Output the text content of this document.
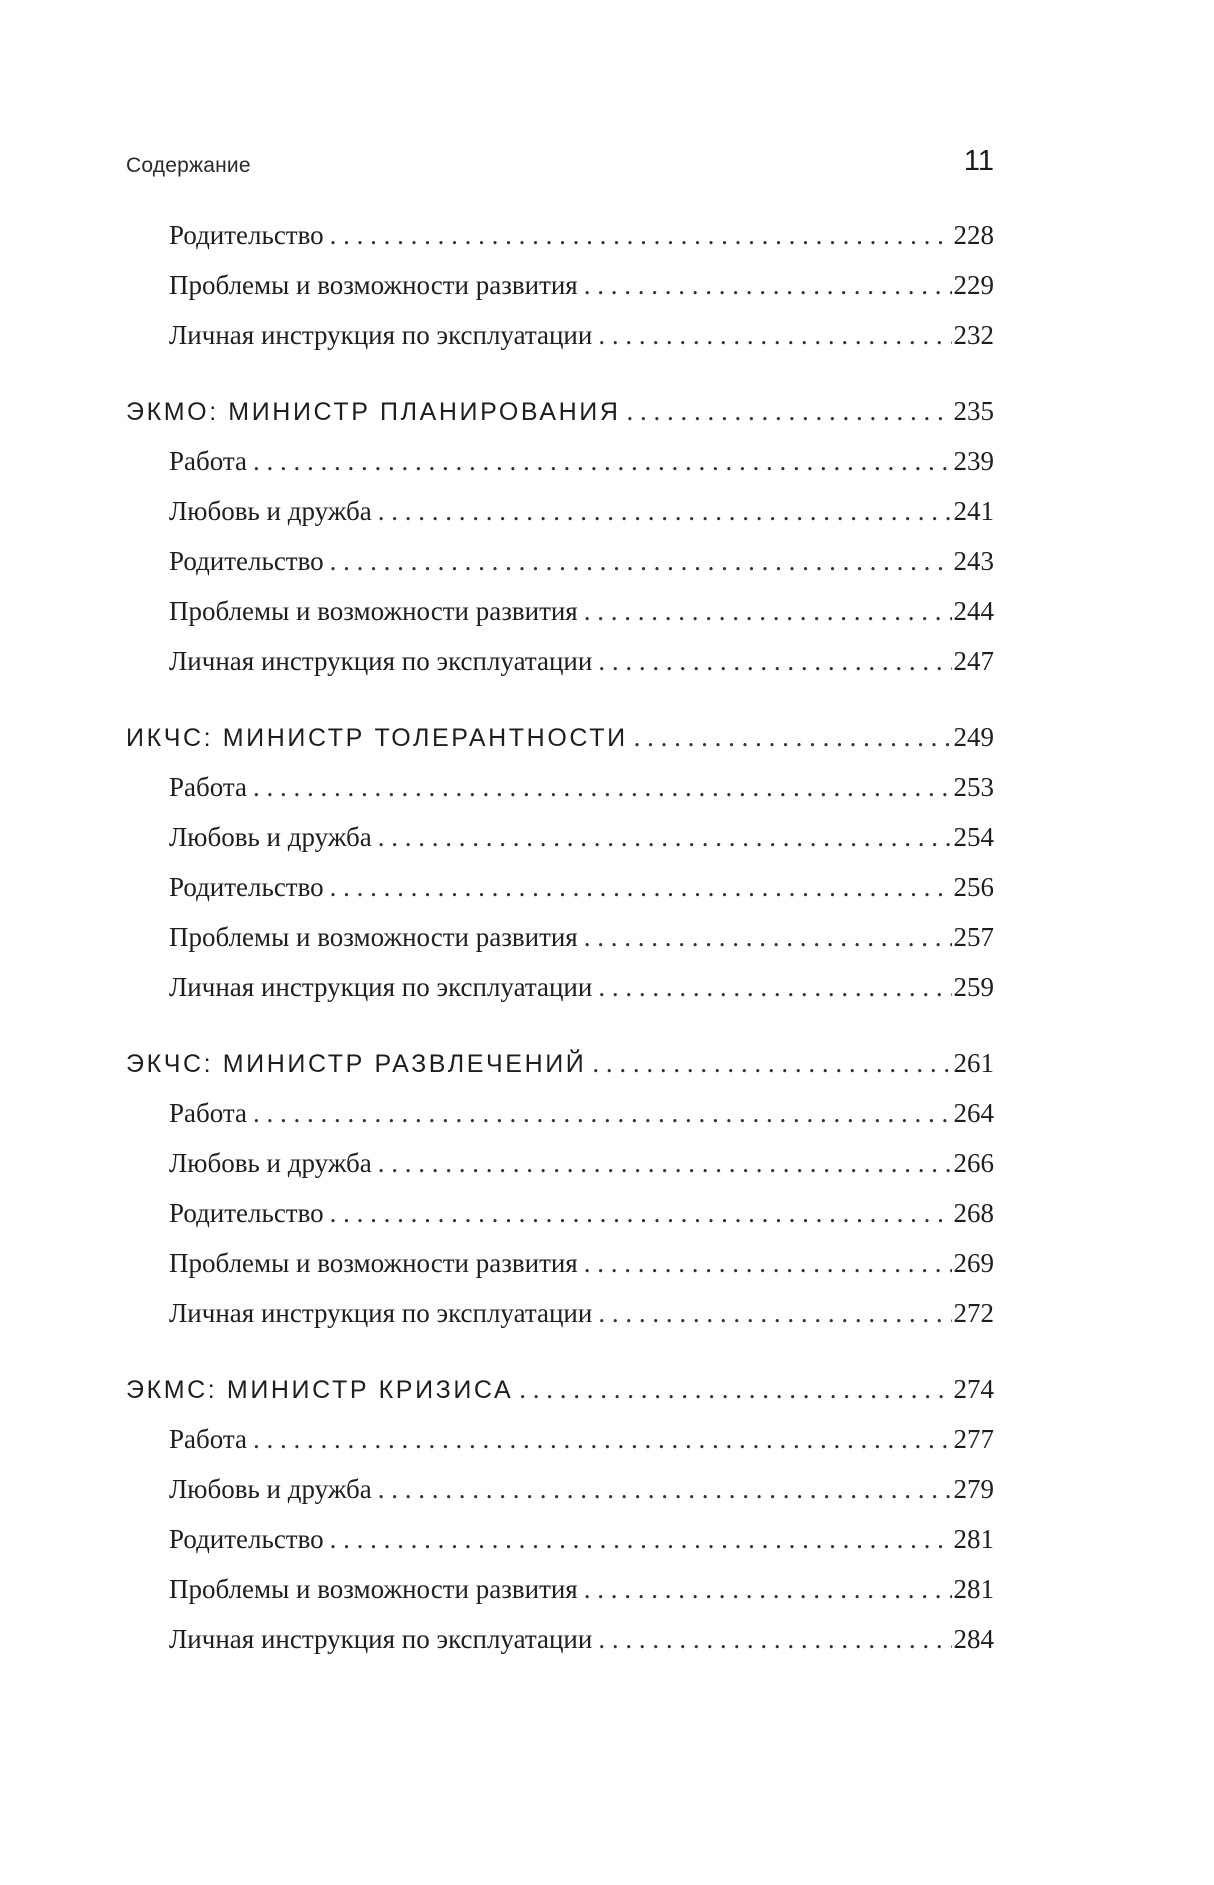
Содержание	11
Родительство . . .	228
Проблемы и возможности развития . . .	229
Личная инструкция по эксплуатации . . .	232
ЭКМО: МИНИСТР ПЛАНИРОВАНИЯ . . .	235
Работа . . .	239
Любовь и дружба . . .	241
Родительство . . .	243
Проблемы и возможности развития . . .	244
Личная инструкция по эксплуатации . . .	247
ИКЧС: МИНИСТР ТОЛЕРАНТНОСТИ . . .	249
Работа . . .	253
Любовь и дружба . . .	254
Родительство . . .	256
Проблемы и возможности развития . . .	257
Личная инструкция по эксплуатации . . .	259
ЭКЧС: МИНИСТР РАЗВЛЕЧЕНИЙ . . .	261
Работа . . .	264
Любовь и дружба . . .	266
Родительство . . .	268
Проблемы и возможности развития . . .	269
Личная инструкция по эксплуатации . . .	272
ЭКМС: МИНИСТР КРИЗИСА . . .	274
Работа . . .	277
Любовь и дружба . . .	279
Родительство . . .	281
Проблемы и возможности развития . . .	281
Личная инструкция по эксплуатации . . .	284
